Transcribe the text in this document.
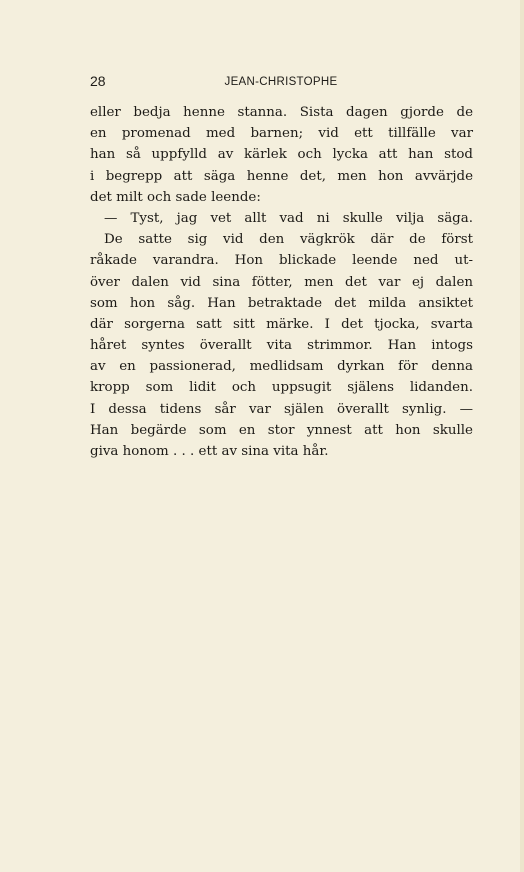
28	JEAN-CHRISTOPHE
eller bedja henne stanna. Sista dagen gjorde de
en promenad med barnen; vid ett tillfälle var
han så uppfylld av kärlek och lycka att han stod
i begrepp att säga henne det, men hon avvärjde
det milt och sade leende:
— Tyst, jag vet allt vad ni skulle vilja säga.
De satte sig vid den vägkrök där de först
råkade varandra. Hon blickade leende ned ut-
över dalen vid sina fötter, men det var ej dalen
som hon såg. Han betraktade det milda ansiktet
där sorgerna satt sitt märke. I det tjocka, svarta
håret syntes överallt vita strimmor. Han intogs
av en passionerad, medlidsam dyrkan för denna
kropp som lidit och uppsugit själens lidanden.
I dessa tidens sår var själen överallt synlig. —
Han begärde som en stor ynnest att hon skulle
giva honom . . . ett av sina vita hår.
